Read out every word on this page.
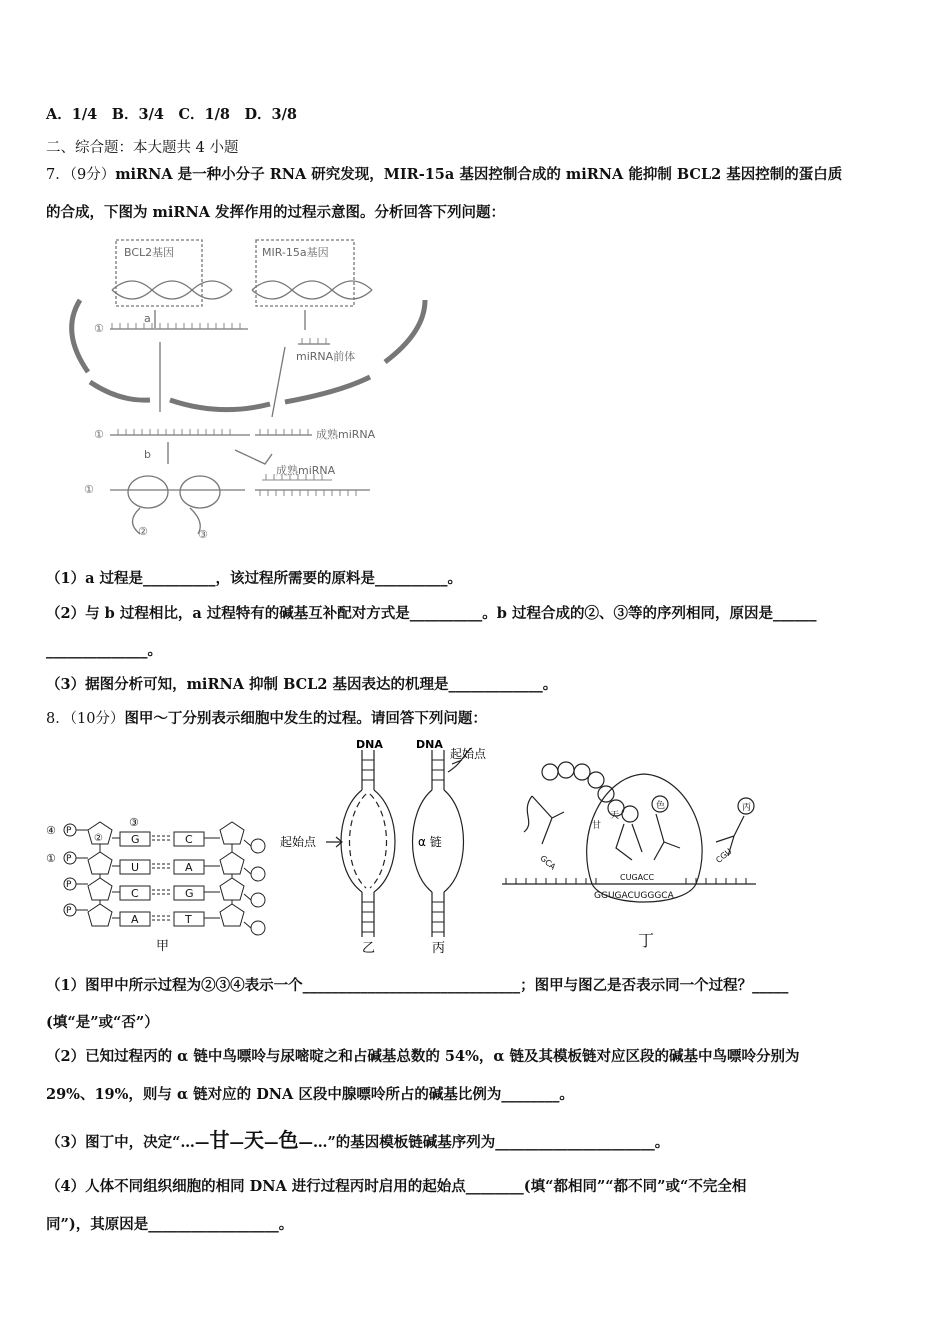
A．1/4　B．3/4　C．1/8　D．3/8
二、综合题：本大题共 4 小题
7．（9分）miRNA 是一种小分子 RNA 研究发现，MIR-15a 基因控制合成的 miRNA 能抑制 BCL2 基因控制的蛋白质
的合成，下图为 miRNA 发挥作用的过程示意图。分析回答下列问题：
BCL2基因	MIR-15a基因
a
①
miRNA前体
①	成熟miRNA
b
成熟miRNA
①
②	③
（1）a 过程是__________，该过程所需要的原料是__________。
（2）与 b 过程相比，a 过程特有的碱基互补配对方式是__________。b 过程合成的②、③等的序列相同，原因是______
______________。
（3）据图分析可知，miRNA 抑制 BCL2 基因表达的机理是_____________。
8．（10分）图甲～丁分别表示细胞中发生的过程。请回答下列问题：
P
P
P
P
④
①
②
③
G
U
C
A
C
A
G
T
甲
DNA
起始点
乙
DNA
起始点
α 链
丙
甘
天
色	丙
GCA	CGU
CUGACC
GGUGACUGGGCA
丁
（1）图甲中所示过程为②③④表示一个______________________________；图甲与图乙是否表示同一个过程？_____
(填“是”或“否”）
（2）已知过程丙的 α 链中鸟嘌呤与尿嘧啶之和占碱基总数的 54%，α 链及其模板链对应区段的碱基中鸟嘌呤分别为
29%、19%，则与 α 链对应的 DNA 区段中腺嘌呤所占的碱基比例为________。
（3）图丁中，决定“…—甘—天—色—…”的基因模板链碱基序列为______________________。
（4）人体不同组织细胞的相同 DNA 进行过程丙时启用的起始点________(填“都相同”“都不同”或“不完全相
同”)，其原因是__________________。
